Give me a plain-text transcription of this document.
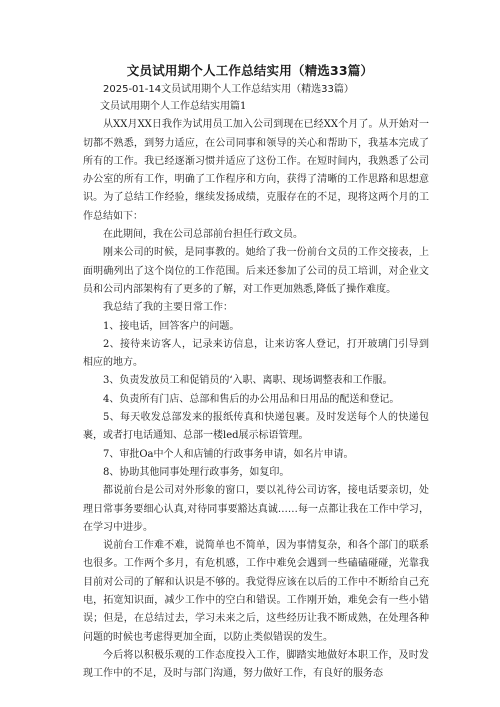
文员试用期个人工作总结实用（精选33篇）
2025-01-14文员试用期个人工作总结实用（精选33篇）

文员试用期个人工作总结实用篇1

从XX月XX日我作为试用员工加入公司到现在已经XX个月了。从开始对一切都不熟悉，到努力适应，在公司同事和领导的关心和帮助下，我基本完成了所有的工作。我已经逐渐习惯并适应了这份工作。在短时间内，我熟悉了公司办公室的所有工作，明确了工作程序和方向，获得了清晰的工作思路和思想意识。为了总结工作经验，继续发扬成绩，克服存在的不足，现将这两个月的工作总结如下：

在此期间，我在公司总部前台担任行政文员。

刚来公司的时候，是同事教的。她给了我一份前台文员的工作交接表，上面明确列出了这个岗位的工作范围。后来还参加了公司的员工培训，对企业文员和公司内部架构有了更多的了解，对工作更加熟悉,降低了操作难度。

我总结了我的主要日常工作：

1、接电话，回答客户的问题。

2、接待来访客人，记录来访信息，让来访客人登记，打开玻璃门引导到相应的地方。

3、负责发放员工和促销员的‘入职、离职、现场调整表和工作服。

4、负责所有门店、总部和售后的办公用品和日用品的配送和登记。

5、每天收发总部发来的报纸传真和快递包裹。及时发送每个人的快递包裹，或者打电话通知、总部一楼led展示标语管理。

7、审批Oa中个人和店铺的行政事务申请，如名片申请。

8、协助其他同事处理行政事务，如复印。

都说前台是公司对外形象的窗口，要以礼待公司访客，接电话要亲切，处理日常事务要细心认真,对待同事要豁达真诚……每一点都让我在工作中学习，在学习中进步。

说前台工作难不难，说简单也不简单，因为事情复杂，和各个部门的联系也很多。工作两个多月，有危机感，工作中难免会遇到一些磕磕碰碰，光靠我目前对公司的了解和认识是不够的。我觉得应该在以后的工作中不断给自己充电，拓宽知识面，减少工作中的空白和错误。工作刚开始，难免会有一些小错误；但是，在总结过去，学习未来之后，这些经历让我不断成熟，在处理各种问题的时候也考虑得更加全面，以防止类似错误的发生。

今后将以积极乐观的工作态度投入工作，脚踏实地做好本职工作，及时发现工作中的不足，及时与部门沟通，努力做好工作，有良好的服务态
